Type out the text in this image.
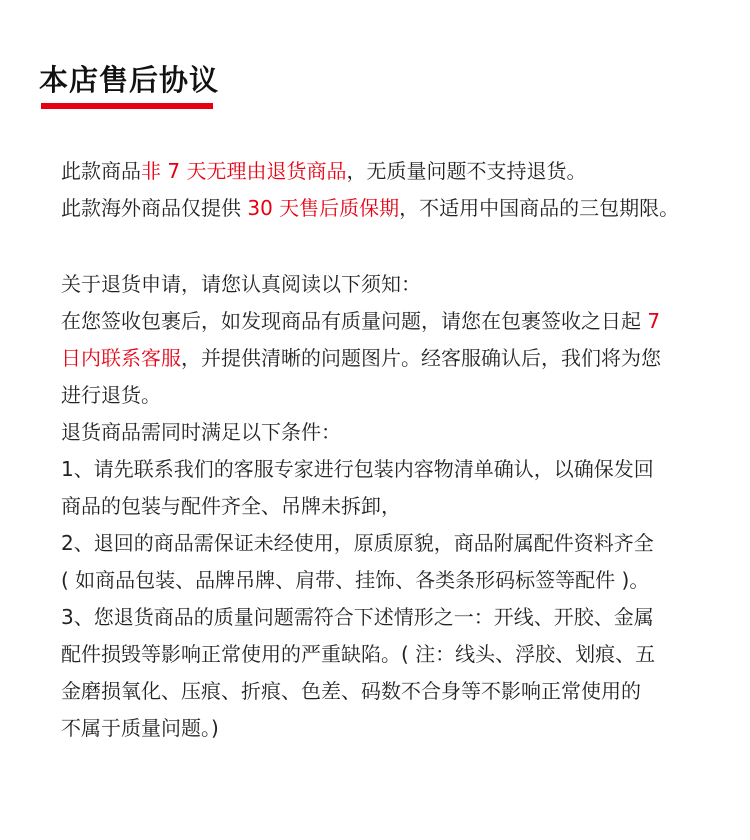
本店售后协议
此款商品非 7 天无理由退货商品，无质量问题不支持退货。
此款海外商品仅提供 30 天售后质保期，不适用中国商品的三包期限。
关于退货申请，请您认真阅读以下须知：
在您签收包裹后，如发现商品有质量问题，请您在包裹签收之日起 7
日内联系客服，并提供清晰的问题图片。经客服确认后，我们将为您
进行退货。
退货商品需同时满足以下条件：
1、请先联系我们的客服专家进行包装内容物清单确认，以确保发回
商品的包装与配件齐全、吊牌未拆卸，
2、退回的商品需保证未经使用，原质原貌，商品附属配件资料齐全
( 如商品包装、品牌吊牌、肩带、挂饰、各类条形码标签等配件 )。
3、您退货商品的质量问题需符合下述情形之一：开线、开胶、金属
配件损毁等影响正常使用的严重缺陷。( 注：线头、浮胶、划痕、五
金磨损氧化、压痕、折痕、色差、码数不合身等不影响正常使用的
不属于质量问题。)
